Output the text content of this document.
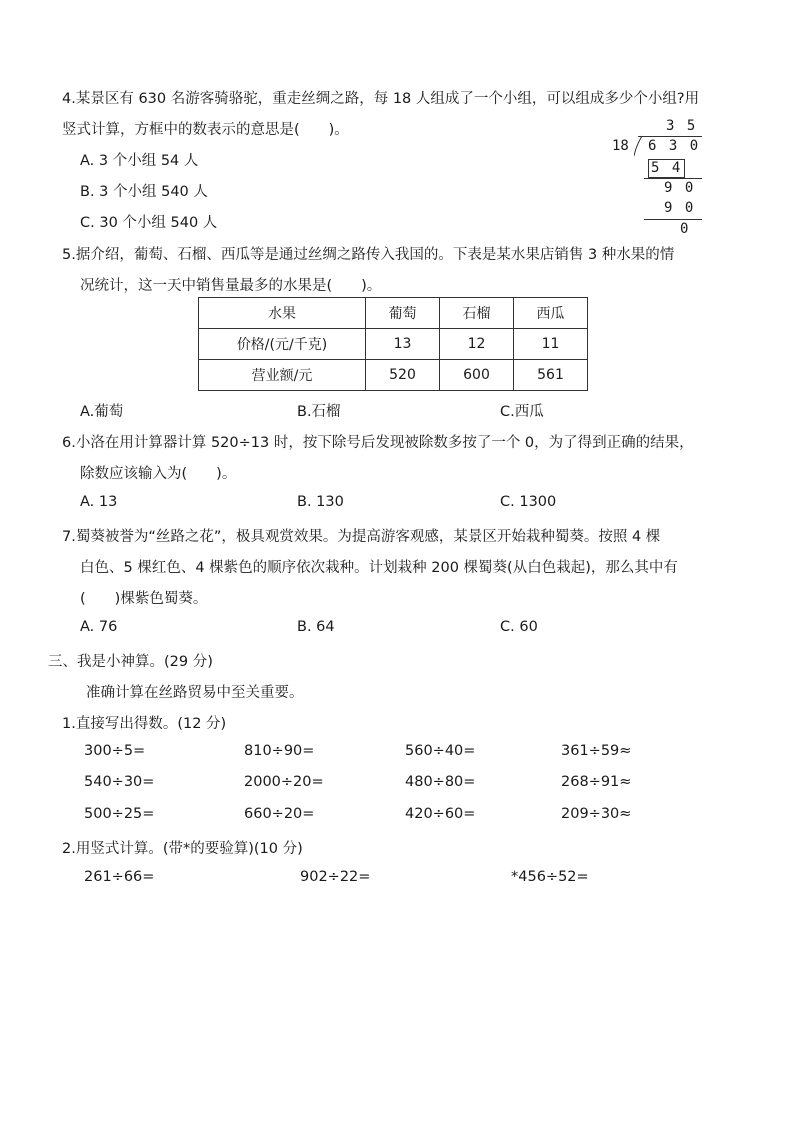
4.某景区有 630 名游客骑骆驼，重走丝绸之路，每 18 人组成了一个小组，可以组成多少个小组?用
竖式计算，方框中的数表示的意思是(　　)。
A. 3 个小组 54 人
B. 3 个小组 540 人
C. 30 个小组 540 人
3 5
18 6 3 0
5 4
9 0
9 0
0
5.据介绍，葡萄、石榴、西瓜等是通过丝绸之路传入我国的。下表是某水果店销售 3 种水果的情
况统计，这一天中销售量最多的水果是(　　)。
水果	葡萄	石榴	西瓜
价格/(元/千克)	13	12	11
营业额/元	520	600	561
A.葡萄	B.石榴	C.西瓜
6.小洛在用计算器计算 520÷13 时，按下除号后发现被除数多按了一个 0，为了得到正确的结果，
除数应该输入为(　　)。
A. 13	B. 130	C. 1300
7.蜀葵被誉为“丝路之花”，极具观赏效果。为提高游客观感，某景区开始栽种蜀葵。按照 4 棵
白色、5 棵红色、4 棵紫色的顺序依次栽种。计划栽种 200 棵蜀葵(从白色栽起)，那么其中有
(　　)棵紫色蜀葵。
A. 76	B. 64	C. 60
三、我是小神算。(29 分)
准确计算在丝路贸易中至关重要。
1.直接写出得数。(12 分)
300÷5=	810÷90=	560÷40=	361÷59≈
540÷30=	2000÷20=	480÷80=	268÷91≈
500÷25=	660÷20=	420÷60=	209÷30≈
2.用竖式计算。(带*的要验算)(10 分)
261÷66=	902÷22=	*456÷52=
